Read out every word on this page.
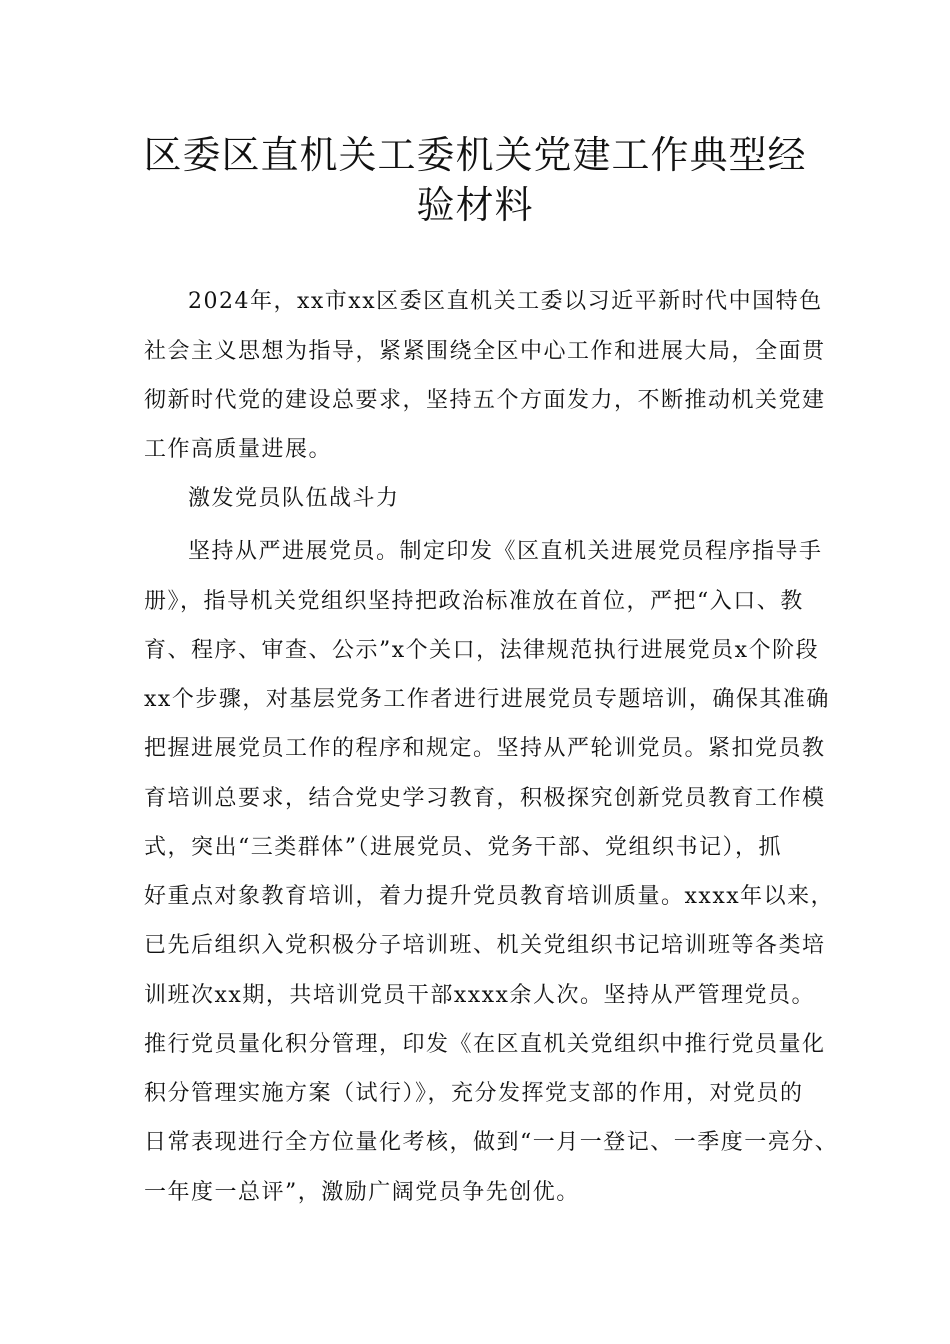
区委区直机关工委机关党建工作典型经
验材料
2024年，xx市xx区委区直机关工委以习近平新时代中国特色
社会主义思想为指导，紧紧围绕全区中心工作和进展大局，全面贯
彻新时代党的建设总要求，坚持五个方面发力，不断推动机关党建
工作高质量进展。
激发党员队伍战斗力
坚持从严进展党员。制定印发《区直机关进展党员程序指导手
册》，指导机关党组织坚持把政治标准放在首位，严把“入口、教
育、程序、审查、公示”x个关口，法律规范执行进展党员x个阶段
xx个步骤，对基层党务工作者进行进展党员专题培训，确保其准确
把握进展党员工作的程序和规定。坚持从严轮训党员。紧扣党员教
育培训总要求，结合党史学习教育，积极探究创新党员教育工作模
式，突出“三类群体”（进展党员、党务干部、党组织书记），抓
好重点对象教育培训，着力提升党员教育培训质量。xxxx年以来，
已先后组织入党积极分子培训班、机关党组织书记培训班等各类培
训班次xx期，共培训党员干部xxxx余人次。坚持从严管理党员。
推行党员量化积分管理，印发《在区直机关党组织中推行党员量化
积分管理实施方案（试行）》，充分发挥党支部的作用，对党员的
日常表现进行全方位量化考核，做到“一月一登记、一季度一亮分、
一年度一总评”，激励广阔党员争先创优。
